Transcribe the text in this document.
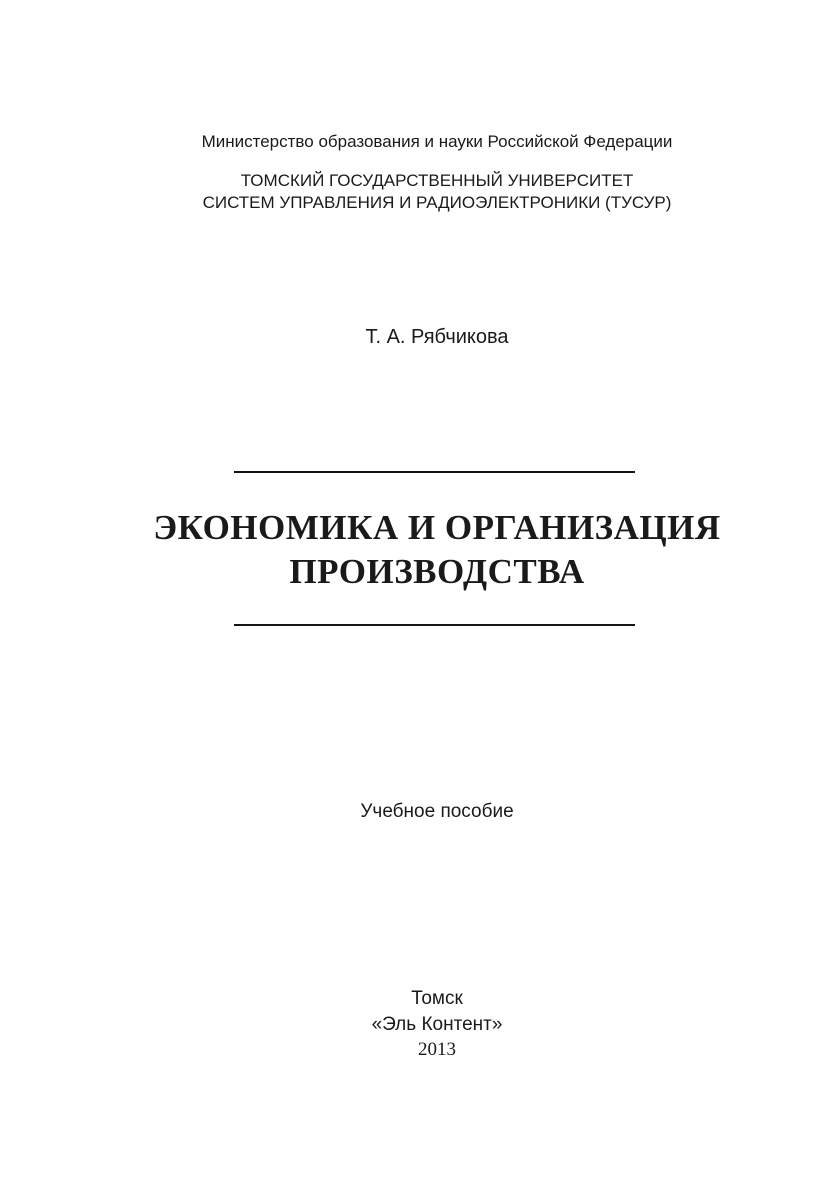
Министерство образования и науки Российской Федерации
ТОМСКИЙ ГОСУДАРСТВЕННЫЙ УНИВЕРСИТЕТ
СИСТЕМ УПРАВЛЕНИЯ И РАДИОЭЛЕКТРОНИКИ (ТУСУР)
Т. А. Рябчикова
ЭКОНОМИКА И ОРГАНИЗАЦИЯ
ПРОИЗВОДСТВА
Учебное пособие
Томск
«Эль Контент»
2013
